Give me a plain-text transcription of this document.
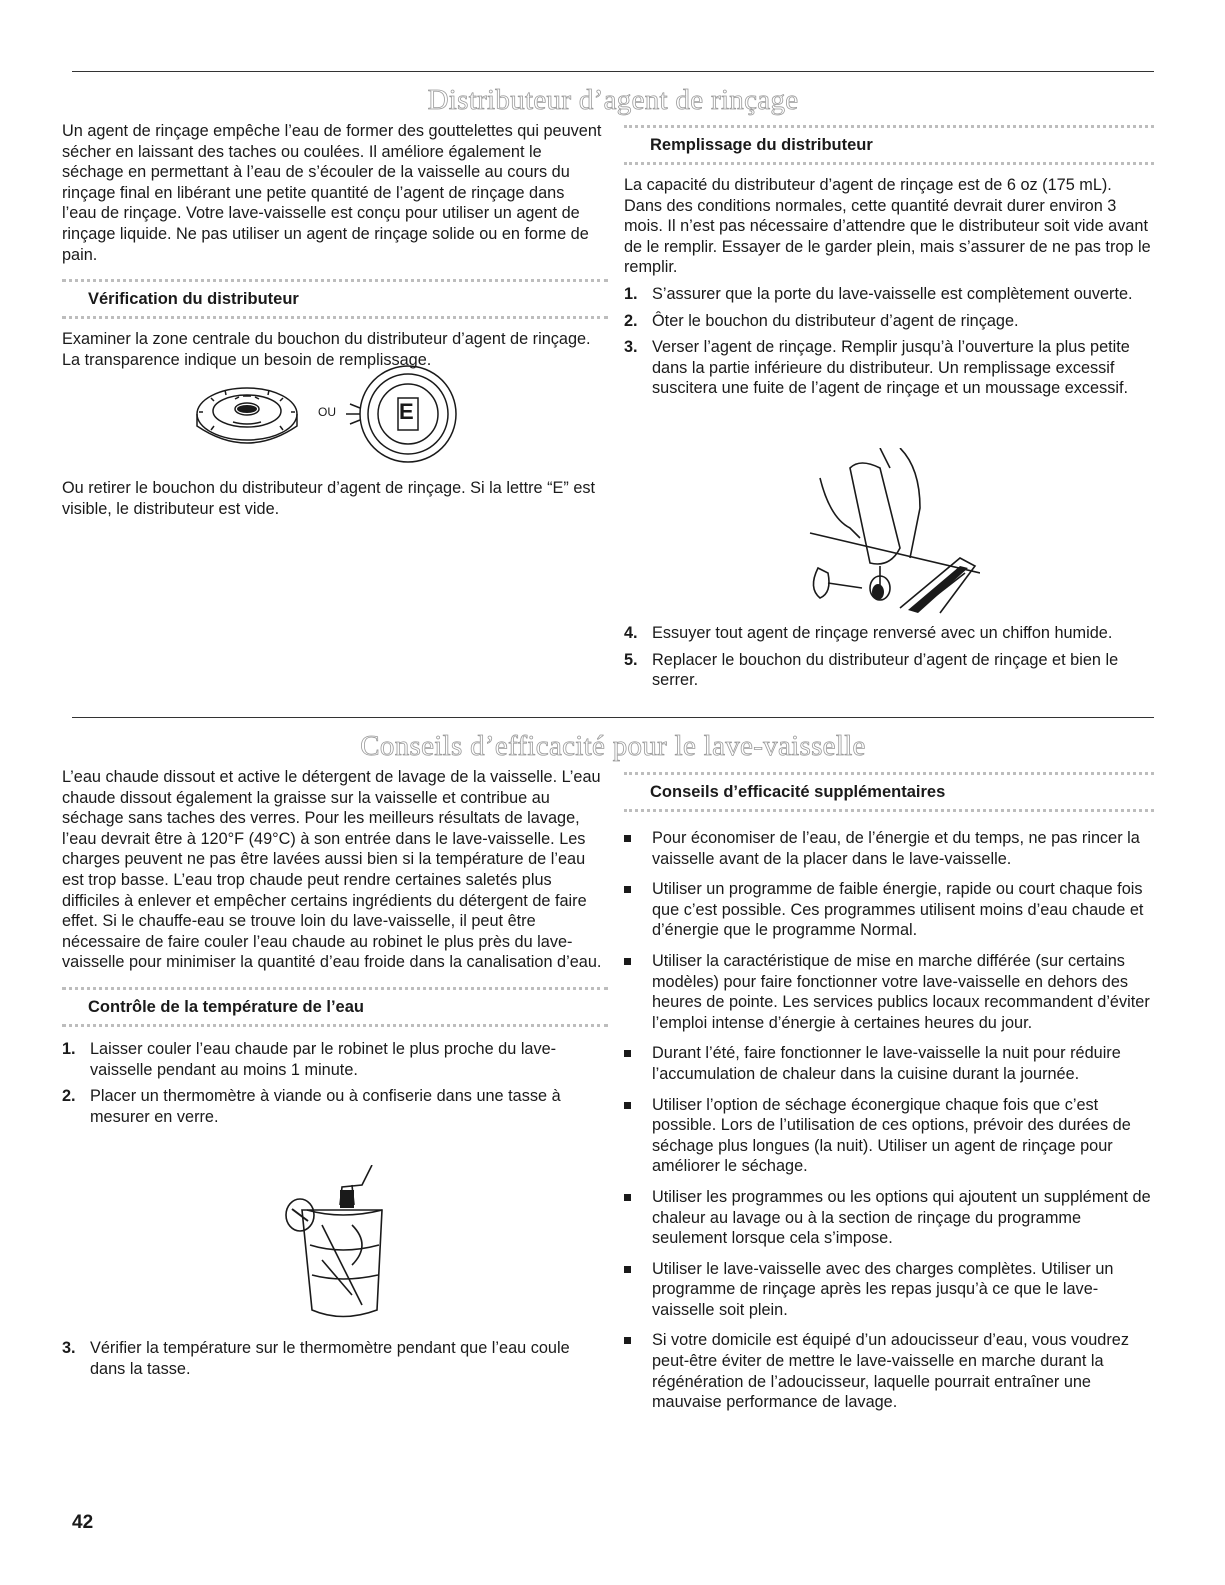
Distributeur d’agent de rinçage
Conseils d’efficacité pour le lave-vaisselle

Un agent de rinçage empêche l’eau de former des gouttelettes qui peuvent sécher en laissant des taches ou coulées. Il améliore également le séchage en permettant à l’eau de s’écouler de la vaisselle au cours du rinçage final en libérant une petite quantité de l’agent de rinçage dans l’eau de rinçage. Votre lave-vaisselle est conçu pour utiliser un agent de rinçage liquide. Ne pas utiliser un agent de rinçage solide ou en forme de pain.

Vérification du distributeur

Examiner la zone centrale du bouchon du distributeur d’agent de rinçage. La transparence indique un besoin de remplissage.

OU	E

Ou retirer le bouchon du distributeur d’agent de rinçage. Si la lettre “E” est visible, le distributeur est vide.

Remplissage du distributeur

La capacité du distributeur d’agent de rinçage est de 6 oz (175 mL). Dans des conditions normales, cette quantité devrait durer environ 3 mois. Il n’est pas nécessaire d’attendre que le distributeur soit vide avant de le remplir. Essayer de le garder plein, mais s’assurer de ne pas trop le remplir.

1. S’assurer que la porte du lave-vaisselle est complètement ouverte.
2. Ôter le bouchon du distributeur d’agent de rinçage.
3. Verser l’agent de rinçage. Remplir jusqu’à l’ouverture la plus petite dans la partie inférieure du distributeur. Un remplissage excessif suscitera une fuite de l’agent de rinçage et un moussage excessif.
4. Essuyer tout agent de rinçage renversé avec un chiffon humide.
5. Replacer le bouchon du distributeur d’agent de rinçage et bien le serrer.

L’eau chaude dissout et active le détergent de lavage de la vaisselle. L’eau chaude dissout également la graisse sur la vaisselle et contribue au séchage sans taches des verres. Pour les meilleurs résultats de lavage, l’eau devrait être à 120°F (49°C) à son entrée dans le lave-vaisselle. Les charges peuvent ne pas être lavées aussi bien si la température de l’eau est trop basse. L’eau trop chaude peut rendre certaines saletés plus difficiles à enlever et empêcher certains ingrédients du détergent de faire effet. Si le chauffe-eau se trouve loin du lave-vaisselle, il peut être nécessaire de faire couler l’eau chaude au robinet le plus près du lave-vaisselle pour minimiser la quantité d’eau froide dans la canalisation d’eau.

Contrôle de la température de l’eau
1. Laisser couler l’eau chaude par le robinet le plus proche du lave-vaisselle pendant au moins 1 minute.
2. Placer un thermomètre à viande ou à confiserie dans une tasse à mesurer en verre.
3. Vérifier la température sur le thermomètre pendant que l’eau coule dans la tasse.
Conseils d’efficacité supplémentaires
Pour économiser de l’eau, de l’énergie et du temps, ne pas rincer la vaisselle avant de la placer dans le lave-vaisselle.
Utiliser un programme de faible énergie, rapide ou court chaque fois que c’est possible. Ces programmes utilisent moins d’eau chaude et d’énergie que le programme Normal.
Utiliser la caractéristique de mise en marche différée (sur certains modèles) pour faire fonctionner votre lave-vaisselle en dehors des heures de pointe. Les services publics locaux recommandent d’éviter l’emploi intense d’énergie à certaines heures du jour.
Durant l’été, faire fonctionner le lave-vaisselle la nuit pour réduire l’accumulation de chaleur dans la cuisine durant la journée.
Utiliser l’option de séchage éconergique chaque fois que c’est possible. Lors de l’utilisation de ces options, prévoir des durées de séchage plus longues (la nuit). Utiliser un agent de rinçage pour améliorer le séchage.
Utiliser les programmes ou les options qui ajoutent un supplément de chaleur au lavage ou à la section de rinçage du programme seulement lorsque cela s’impose.
Utiliser le lave-vaisselle avec des charges complètes. Utiliser un programme de rinçage après les repas jusqu’à ce que le lave-vaisselle soit plein.
Si votre domicile est équipé d’un adoucisseur d’eau, vous voudrez peut-être éviter de mettre le lave-vaisselle en marche durant la régénération de l’adoucisseur, laquelle pourrait entraîner une mauvaise performance de lavage.
42
